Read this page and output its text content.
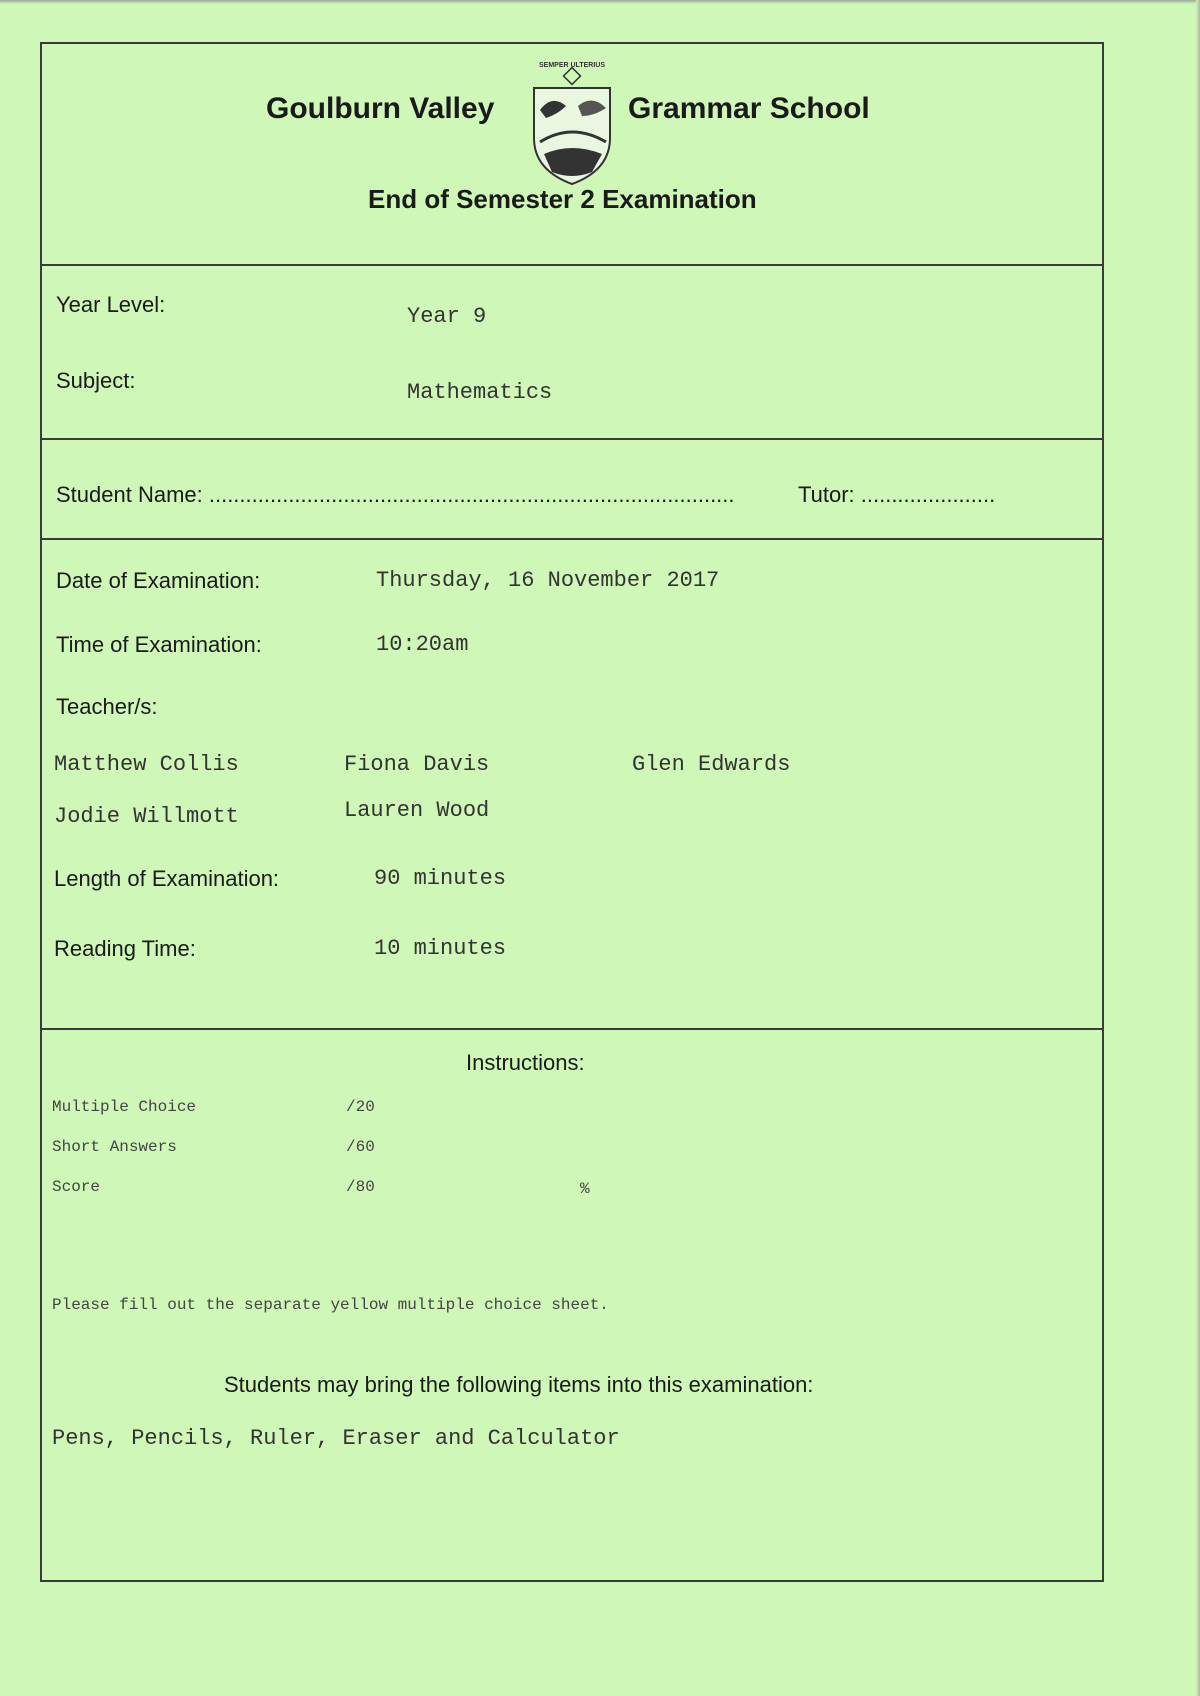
Goulburn Valley
SEMPER ULTERIUS
Grammar School
End of Semester 2 Examination
Year Level:	Year 9
Subject:	Mathematics
Student Name: ......................................................................................	Tutor: ......................
Date of Examination:	Thursday, 16 November 2017
Time of Examination:	10:20am
Teacher/s:
Matthew Collis	Fiona Davis	Glen Edwards
Jodie Willmott	Lauren Wood
Length of Examination:	90 minutes
Reading Time:	10 minutes
Instructions:
Multiple Choice	/20
Short Answers	/60
Score	/80	%
Please fill out the separate yellow multiple choice sheet.
Students may bring the following items into this examination:
Pens, Pencils, Ruler, Eraser and Calculator
